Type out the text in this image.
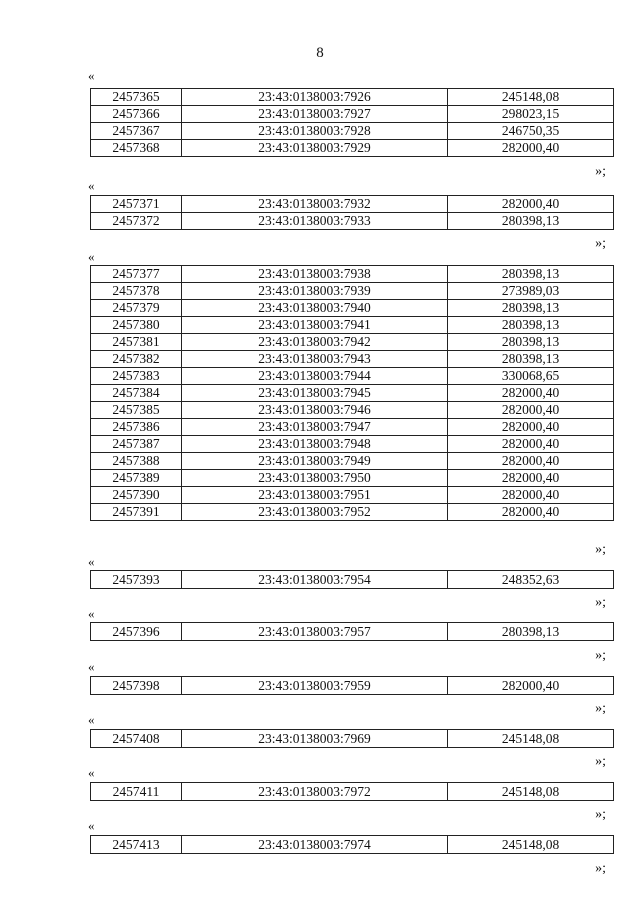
8
«
2457365	23:43:0138003:7926	245148,08
2457366	23:43:0138003:7927	298023,15
2457367	23:43:0138003:7928	246750,35
2457368	23:43:0138003:7929	282000,40
»;
«
2457371	23:43:0138003:7932	282000,40
2457372	23:43:0138003:7933	280398,13
»;
«
2457377	23:43:0138003:7938	280398,13
2457378	23:43:0138003:7939	273989,03
2457379	23:43:0138003:7940	280398,13
2457380	23:43:0138003:7941	280398,13
2457381	23:43:0138003:7942	280398,13
2457382	23:43:0138003:7943	280398,13
2457383	23:43:0138003:7944	330068,65
2457384	23:43:0138003:7945	282000,40
2457385	23:43:0138003:7946	282000,40
2457386	23:43:0138003:7947	282000,40
2457387	23:43:0138003:7948	282000,40
2457388	23:43:0138003:7949	282000,40
2457389	23:43:0138003:7950	282000,40
2457390	23:43:0138003:7951	282000,40
2457391	23:43:0138003:7952	282000,40
»;
«
2457393	23:43:0138003:7954	248352,63
»;
«
2457396	23:43:0138003:7957	280398,13
»;
«
2457398	23:43:0138003:7959	282000,40
»;
«
2457408	23:43:0138003:7969	245148,08
»;
«
2457411	23:43:0138003:7972	245148,08
»;
«
2457413	23:43:0138003:7974	245148,08
»;
